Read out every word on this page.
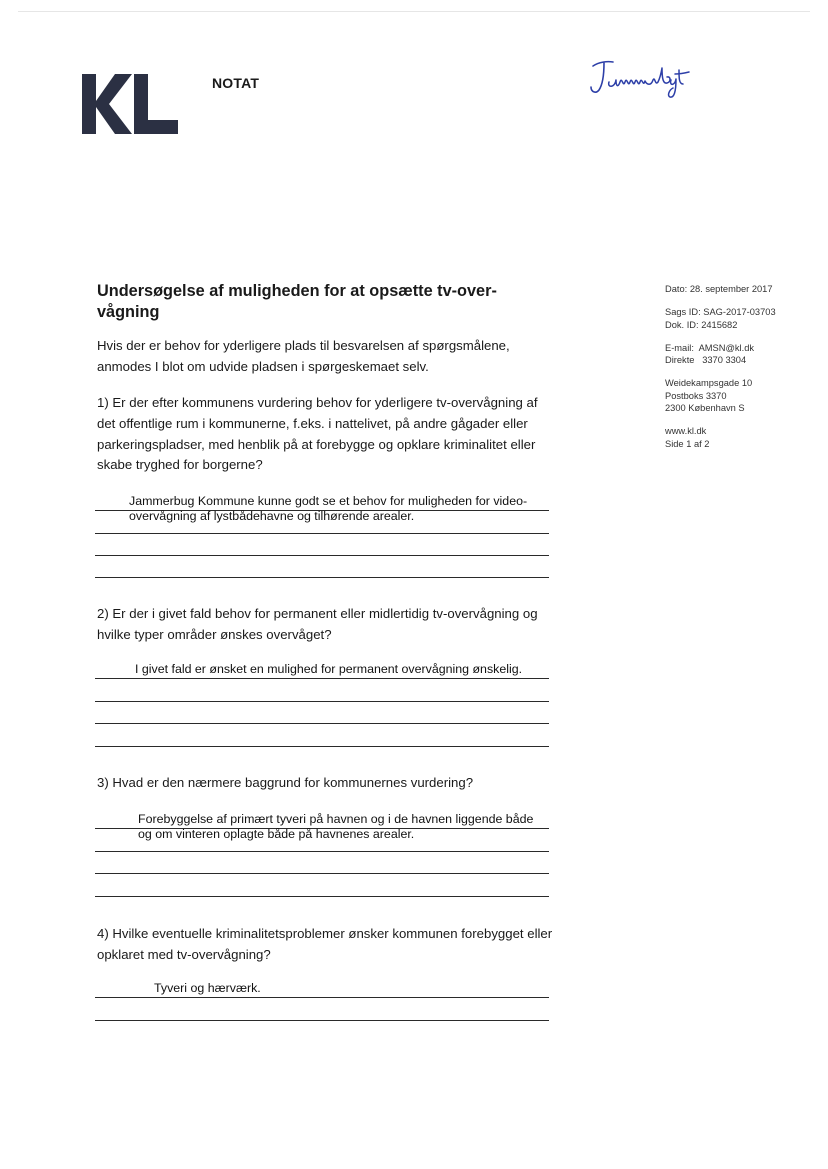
NOTAT
Dato: 28. september 2017
Sags ID: SAG-2017-03703
Dok. ID: 2415682
E-mail: AMSN@kl.dk
Direkte 3370 3304
Weidekampsgade 10
Postboks 3370
2300 København S
www.kl.dk
Side 1 af 2
Undersøgelse af muligheden for at opsætte tv-over-vågning

Hvis der er behov for yderligere plads til besvarelsen af spørgsmålene, anmodes I blot om udvide pladsen i spørgeskemaet selv.

1) Er der efter kommunens vurdering behov for yderligere tv-overvågning af det offentlige rum i kommunerne, f.eks. i nattelivet, på andre gågader eller parkeringspladser, med henblik på at forebygge og opklare kriminalitet eller skabe tryghed for borgerne?

Jammerbug Kommune kunne godt se et behov for muligheden for video-
overvågning af lystbådehavne og tilhørende arealer.

2) Er der i givet fald behov for permanent eller midlertidig tv-overvågning og hvilke typer områder ønskes overvåget?

I givet fald er ønsket en mulighed for permanent overvågning ønskelig.

3) Hvad er den nærmere baggrund for kommunernes vurdering?

Forebyggelse af primært tyveri på havnen og i de havnen liggende både
og om vinteren oplagte både på havnenes arealer.

4) Hvilke eventuelle kriminalitetsproblemer ønsker kommunen forebygget eller opklaret med tv-overvågning?

Tyveri og hærværk.
